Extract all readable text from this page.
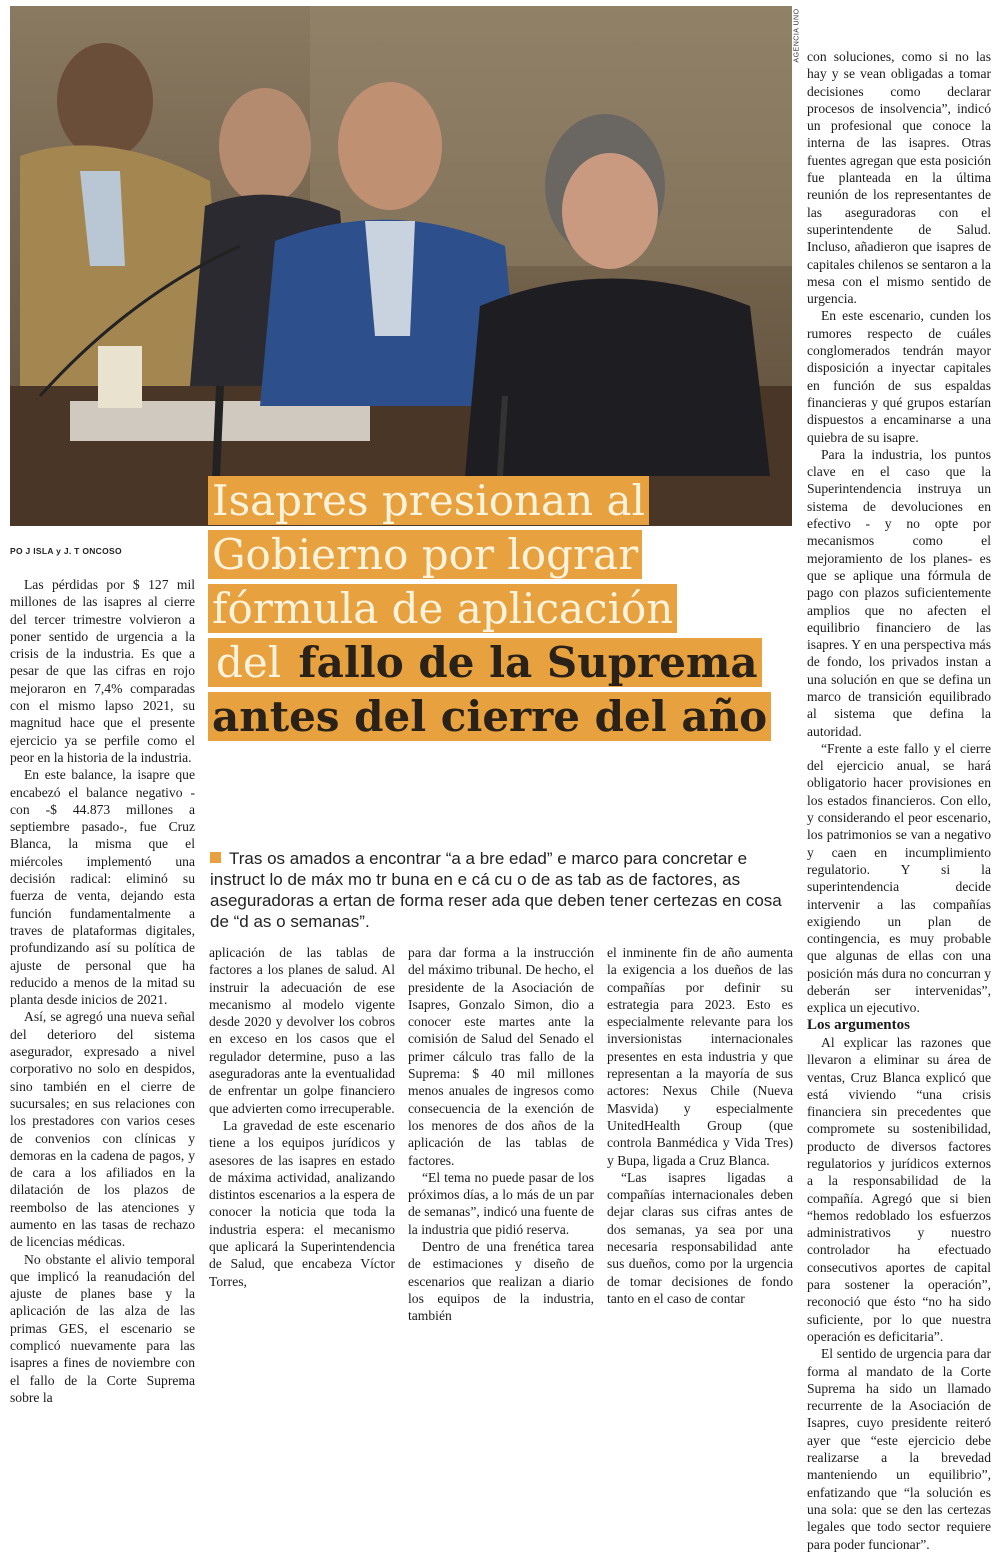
AGENCIA UNO
PO J ISLA y J. T ONCOSO
Isapres presionan al
Gobierno por lograr
fórmula de aplicación
del fallo de la Suprema
antes del cierre del año
Tras os amados a encontrar “a a bre edad” e marco para concretar e instruct lo de máx mo tr buna en e cá cu o de as tab as de factores, as aseguradoras a ertan de forma reser ada que deben tener certezas en cosa de “d as o semanas”.

Las pérdidas por $ 127 mil millones de las isapres al cierre del tercer trimestre volvieron a poner sentido de urgencia a la crisis de la industria. Es que a pesar de que las cifras en rojo mejoraron en 7,4% comparadas con el mismo lapso 2021, su magnitud hace que el presente ejercicio ya se perfile como el peor en la historia de la industria.

En este balance, la isapre que encabezó el balance negativo -con -$ 44.873 millones a septiembre pasado-, fue Cruz Blanca, la misma que el miércoles implementó una decisión radical: eliminó su fuerza de venta, dejando esta función fundamentalmente a traves de plataformas digitales, profundizando así su política de ajuste de personal que ha reducido a menos de la mitad su planta desde inicios de 2021.

Así, se agregó una nueva señal del deterioro del sistema asegurador, expresado a nivel corporativo no solo en despidos, sino también en el cierre de sucursales; en sus relaciones con los prestadores con varios ceses de convenios con clínicas y demoras en la cadena de pagos, y de cara a los afiliados en la dilatación de los plazos de reembolso de las atenciones y aumento en las tasas de rechazo de licencias médicas.

No obstante el alivio temporal que implicó la reanudación del ajuste de planes base y la aplicación de las alza de las primas GES, el escenario se complicó nuevamente para las isapres a fines de noviembre con el fallo de la Corte Suprema sobre la

aplicación de las tablas de factores a los planes de salud. Al instruir la adecuación de ese mecanismo al modelo vigente desde 2020 y devolver los cobros en exceso en los casos que el regulador determine, puso a las aseguradoras ante la eventualidad de enfrentar un golpe financiero que advierten como irrecuperable.

La gravedad de este escenario tiene a los equipos jurídicos y asesores de las isapres en estado de máxima actividad, analizando distintos escenarios a la espera de conocer la noticia que toda la industria espera: el mecanismo que aplicará la Superintendencia de Salud, que encabeza Víctor Torres,

para dar forma a la instrucción del máximo tribunal. De hecho, el presidente de la Asociación de Isapres, Gonzalo Simon, dio a conocer este martes ante la comisión de Salud del Senado el primer cálculo tras fallo de la Suprema: $ 40 mil millones menos anuales de ingresos como consecuencia de la exención de los menores de dos años de la aplicación de las tablas de factores.

“El tema no puede pasar de los próximos días, a lo más de un par de semanas”, indicó una fuente de la industria que pidió reserva.

Dentro de una frenética tarea de estimaciones y diseño de escenarios que realizan a diario los equipos de la industria, también

el inminente fin de año aumenta la exigencia a los dueños de las compañías por definir su estrategia para 2023. Esto es especialmente relevante para los inversionistas internacionales presentes en esta industria y que representan a la mayoría de sus actores: Nexus Chile (Nueva Masvida) y especialmente UnitedHealth Group (que controla Banmédica y Vida Tres) y Bupa, ligada a Cruz Blanca.

“Las isapres ligadas a compañías internacionales deben dejar claras sus cifras antes de dos semanas, ya sea por una necesaria responsabilidad ante sus dueños, como por la urgencia de tomar decisiones de fondo tanto en el caso de contar

con soluciones, como si no las hay y se vean obligadas a tomar decisiones como declarar procesos de insolvencia”, indicó un profesional que conoce la interna de las isapres. Otras fuentes agregan que esta posición fue planteada en la última reunión de los representantes de las aseguradoras con el superintendente de Salud. Incluso, añadieron que isapres de capitales chilenos se sentaron a la mesa con el mismo sentido de urgencia.

En este escenario, cunden los rumores respecto de cuáles conglomerados tendrán mayor disposición a inyectar capitales en función de sus espaldas financieras y qué grupos estarían dispuestos a encaminarse a una quiebra de su isapre.

Para la industria, los puntos clave en el caso que la Superintendencia instruya un sistema de devoluciones en efectivo - y no opte por mecanismos como el mejoramiento de los planes- es que se aplique una fórmula de pago con plazos suficientemente amplios que no afecten el equilibrio financiero de las isapres. Y en una perspectiva más de fondo, los privados instan a una solución en que se defina un marco de transición equilibrado al sistema que defina la autoridad.

“Frente a este fallo y el cierre del ejercicio anual, se hará obligatorio hacer provisiones en los estados financieros. Con ello, y considerando el peor escenario, los patrimonios se van a negativo y caen en incumplimiento regulatorio. Y si la superintendencia decide intervenir a las compañías exigiendo un plan de contingencia, es muy probable que algunas de ellas con una posición más dura no concurran y deberán ser intervenidas”, explica un ejecutivo.

Los argumentos

Al explicar las razones que llevaron a eliminar su área de ventas, Cruz Blanca explicó que está viviendo “una crisis financiera sin precedentes que compromete su sostenibilidad, producto de diversos factores regulatorios y jurídicos externos a la responsabilidad de la compañía. Agregó que si bien “hemos redoblado los esfuerzos administrativos y nuestro controlador ha efectuado consecutivos aportes de capital para sostener la operación”, reconoció que ésto “no ha sido suficiente, por lo que nuestra operación es deficitaria”.

El sentido de urgencia para dar forma al mandato de la Corte Suprema ha sido un llamado recurrente de la Asociación de Isapres, cuyo presidente reiteró ayer que “este ejercicio debe realizarse a la brevedad manteniendo un equilibrio”, enfatizando que “la solución es una sola: que se den las certezas legales que todo sector requiere para poder funcionar”.
